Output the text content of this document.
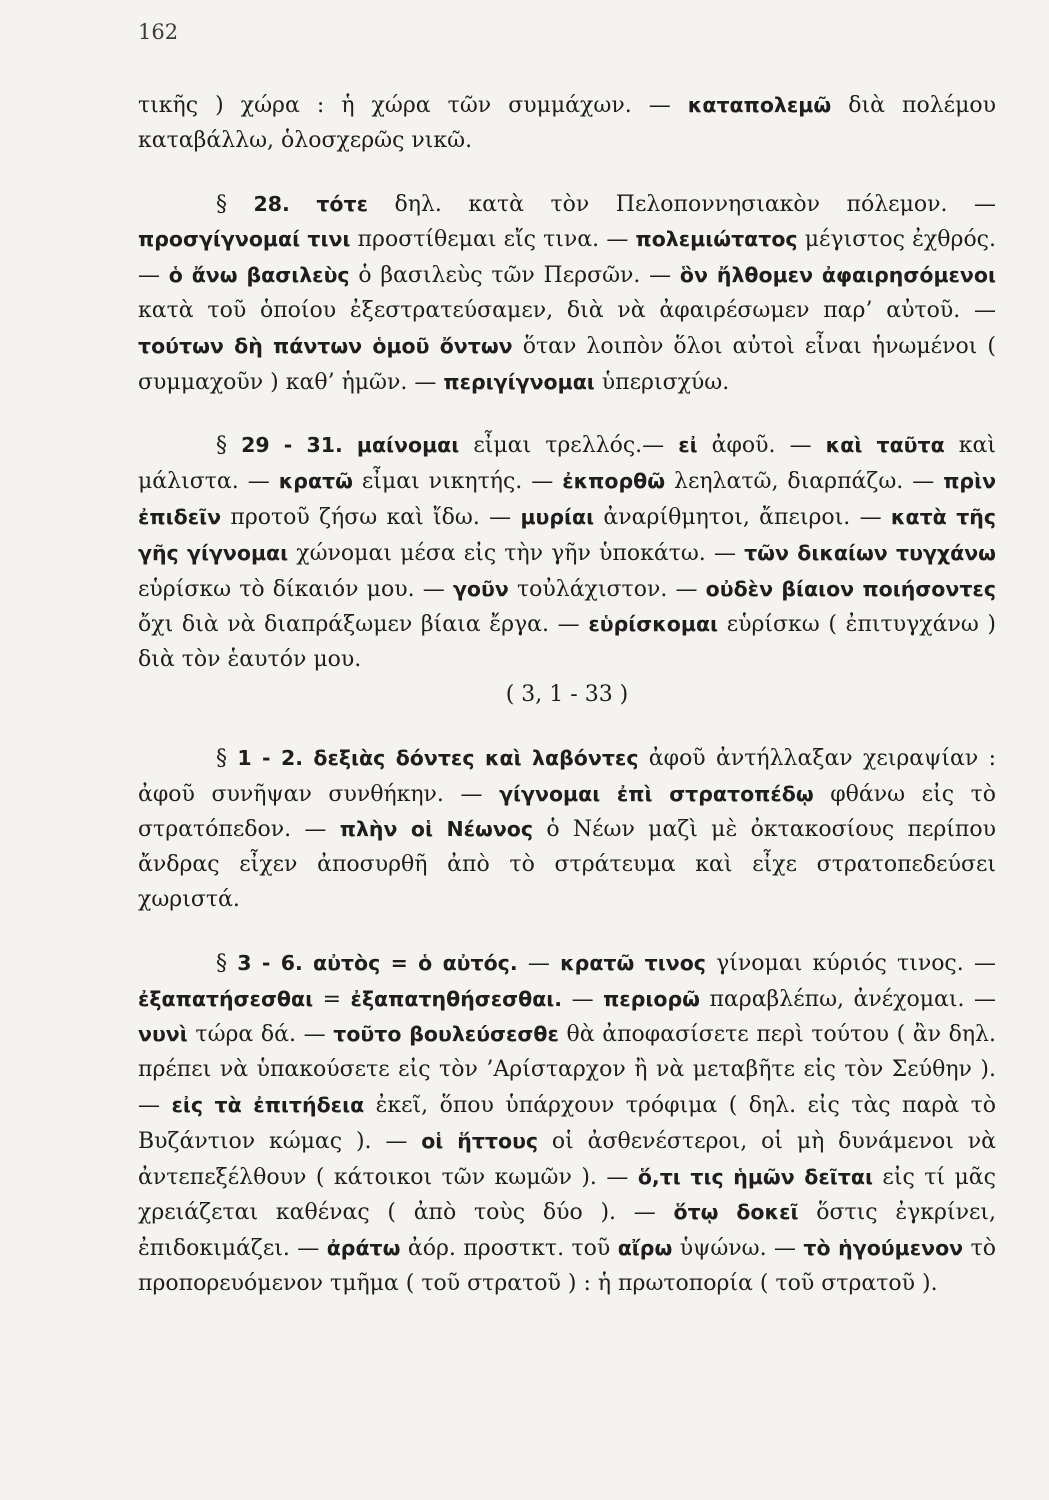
162

τικῆς ) χώρα : ἡ χώρα τῶν συμμάχων. — καταπολεμῶ διὰ πολέμου καταβάλλω, ὁλοσχερῶς νικῶ.

§ 28. τότε δηλ. κατὰ τὸν Πελοποννησιακὸν πόλεμον. — προσγίγνομαί τινι προστίθεμαι εἴς τινα. — πολεμιώτατος μέγιστος ἐχθρός. — ὁ ἄνω βασιλεὺς ὁ βασιλεὺς τῶν Περσῶν. — ὃν ἤλθομεν ἀφαιρησόμενοι κατὰ τοῦ ὁποίου ἐξεστρατεύσαμεν, διὰ νὰ ἀφαιρέσωμεν παρ’ αὐτοῦ. — τούτων δὴ πάντων ὁμοῦ ὄντων ὅταν λοιπὸν ὅλοι αὐτοὶ εἶναι ἡνωμένοι ( συμμαχοῦν ) καθ’ ἡμῶν. — περιγίγνομαι ὑπερισχύω.

§ 29 - 31. μαίνομαι εἶμαι τρελλός.— εἰ ἀφοῦ. — καὶ ταῦτα καὶ μάλιστα. — κρατῶ εἶμαι νικητής. — ἐκπορθῶ λεηλατῶ, διαρπάζω. — πρὶν ἐπιδεῖν προτοῦ ζήσω καὶ ἴδω. — μυρίαι ἀναρίθμητοι, ἄπειροι. — κατὰ τῆς γῆς γίγνομαι χώνομαι μέσα εἰς τὴν γῆν ὑποκάτω. — τῶν δικαίων τυγχάνω εὑρίσκω τὸ δίκαιόν μου. — γοῦν τοὐλάχιστον. — οὐδὲν βίαιον ποιήσοντες ὄχι διὰ νὰ διαπράξωμεν βίαια ἔργα. — εὑρίσκομαι εὑρίσκω ( ἐπιτυγχάνω ) διὰ τὸν ἑαυτόν μου.

( 3, 1 - 33 )

§ 1 - 2. δεξιὰς δόντες καὶ λαβόντες ἀφοῦ ἀντήλλαξαν χειραψίαν : ἀφοῦ συνῆψαν συνθήκην. — γίγνομαι ἐπὶ στρατοπέδῳ φθάνω εἰς τὸ στρατόπεδον. — πλὴν οἱ Νέωνος ὁ Νέων μαζὶ μὲ ὀκτακοσίους περίπου ἄνδρας εἶχεν ἀποσυρθῆ ἀπὸ τὸ στράτευμα καὶ εἶχε στρατοπεδεύσει χωριστά.

§ 3 - 6. αὐτὸς = ὁ αὐτός. — κρατῶ τινος γίνομαι κύριός τινος. — ἐξαπατήσεσθαι = ἐξαπατηθήσεσθαι. — περιορῶ παραβλέπω, ἀνέχομαι. — νυνὶ τώρα δά. — τοῦτο βουλεύσεσθε θὰ ἀποφασίσετε περὶ τούτου ( ἂν δηλ. πρέπει νὰ ὑπακούσετε εἰς τὸν ’Αρίσταρχον ἢ νὰ μεταβῆτε εἰς τὸν Σεύθην ). — εἰς τὰ ἐπιτήδεια ἐκεῖ, ὅπου ὑπάρχουν τρόφιμα ( δηλ. εἰς τὰς παρὰ τὸ Βυζάντιον κώμας ). — οἱ ἥττους οἱ ἀσθενέστεροι, οἱ μὴ δυνάμενοι νὰ ἀντεπεξέλθουν ( κάτοικοι τῶν κωμῶν ). — ὅ,τι τις ἡμῶν δεῖται εἰς τί μᾶς χρειάζεται καθένας ( ἀπὸ τοὺς δύο ). — ὅτῳ δοκεῖ ὅστις ἐγκρίνει, ἐπιδοκιμάζει. — ἀράτω ἀόρ. προστκτ. τοῦ αἴρω ὑψώνω. — τὸ ἡγούμενον τὸ προπορευόμενον τμῆμα ( τοῦ στρατοῦ ) : ἡ πρωτοπορία ( τοῦ στρατοῦ ).
